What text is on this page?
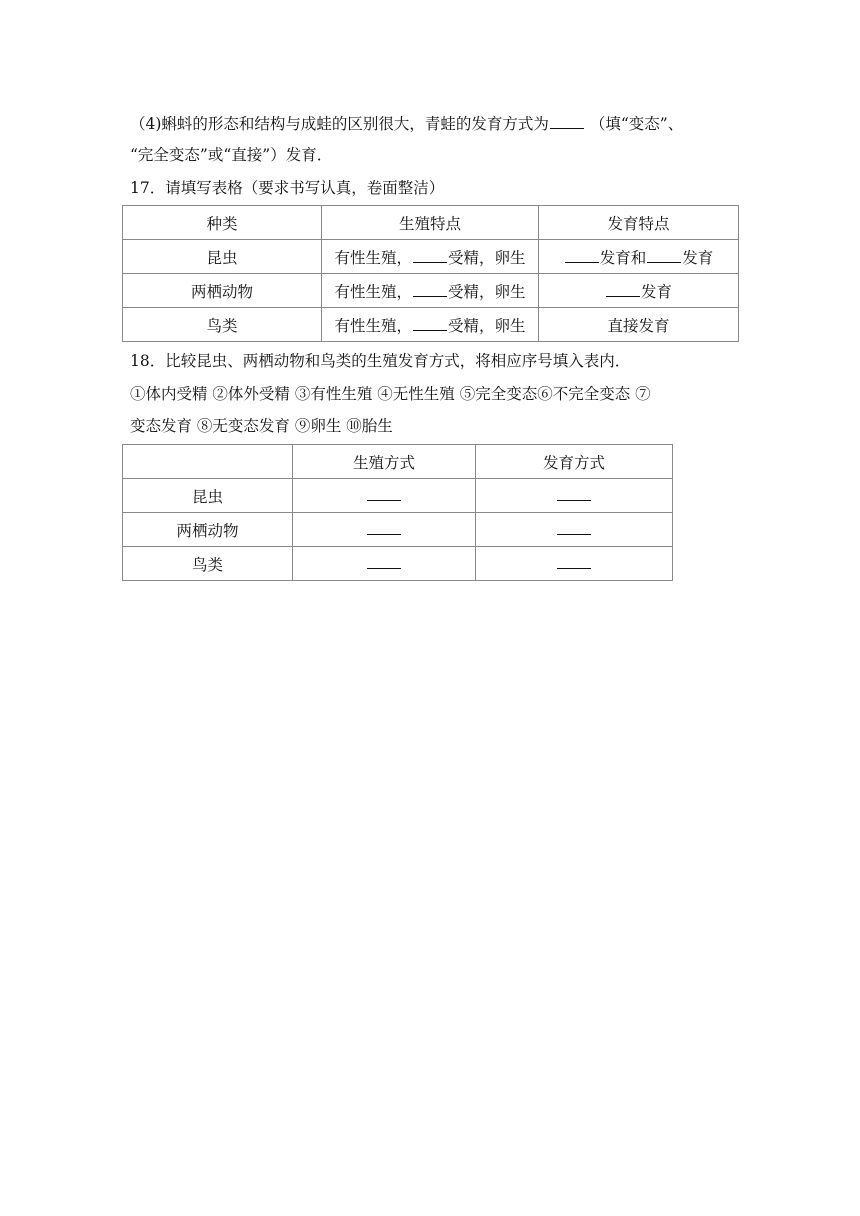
（4)蝌蚪的形态和结构与成蛙的区别很大，青蛙的发育方式为 （填“变态”、
“完全变态”或“直接”）发育．
17．请填写表格（要求书写认真，卷面整洁）
种类	生殖特点	发育特点
昆虫	有性生殖， 受精，卵生	发育和 发育
两栖动物	有性生殖， 受精，卵生	发育
鸟类	有性生殖， 受精，卵生	直接发育
18．比较昆虫、两栖动物和鸟类的生殖发育方式，将相应序号填入表内．
①体内受精 ②体外受精 ③有性生殖 ④无性生殖 ⑤完全变态⑥不完全变态 ⑦
变态发育 ⑧无变态发育 ⑨卵生 ⑩胎生
	生殖方式	发育方式
昆虫		
两栖动物		
鸟类		
